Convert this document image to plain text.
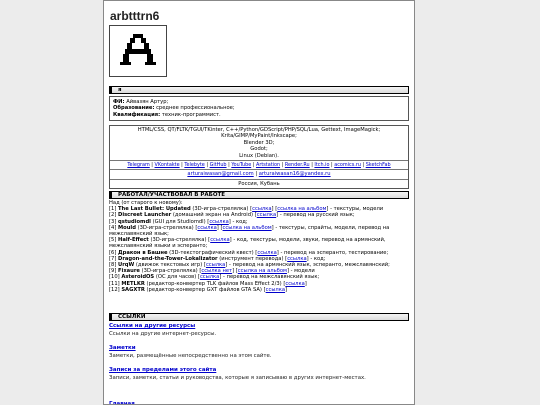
arbtttrn6
я
ФИ: Айвазян Артур;
Образование: среднее профессиональное;
Квалификация: техник-программист.
HTML/CSS, QT/FLTK/TGUI/TKinter, C++/Python/GDScript/PHP/SQL/Lua, Gettext, ImageMagick;
Krita/GIMP/MyPaint/Inkscape;
Blender 3D;
Godot;
Linux (Debian).
Telegram | VKontakte | Telebyte | GitHub | YouTube | Artstation | Render.Ru | Itch.io | acomics.ru | SketchFab
arturaiwasan@gmail.com | arturaiwasan16@yandex.ru
Россия, Кубань
РАБОТАЛ/УЧАСТВОВАЛ В РАБОТЕ
Над (от старого к новому):
[1] The Last Bullet: Updated (3D-игра-стрелялка) [ссылка] [ссылка на альбом] - текстуры, модели
[2] Discreet Launcher (домашний экран на Android) [ссылка] - перевод на русский язык;
[3] qstudiomdl (GUI для Studiomdl) [ссылка] - код;
[4] Mould (3D-игра-стрелялка) [ссылка] [ссылка на альбом] - текстуры, спрайты, модели, перевод на межславянский язык;
[5] Half-Effect (3D-игра-стрелялка) [ссылка] - код, текстуры, модели, звуки, перевод на армянский, межславянский языки и эсперанто;
[6] Дракон в Башне (3D-текстографический квест) [ссылка] - перевод на эсперанто, тестирование;
[7] Dragon-and-the-Tower-Lokalizator (инструмент перевода) [ссылка] - код;
[8] UrqW (движок текстовых игр) [ссылка] - перевод на армянский язык, эсперанто, межславянский;
[9] Fixaure (3D-игра-стрелялка) [ссылка нет] [ссылка на альбом] - модели
[10] AsteroidOS (ОС для часов) [ссылка] - перевод на межславянский язык;
[11] METLKR (редактор-конвертер TLK файлов Mass Effect 2/3) [ссылка]
[12] SAGXTR (редактор-конвертер GXT файлов GTA SA) [ссылка]
ССЫЛКИ
Ссылки на другие ресурсы
Ссылки на другие интернет-ресурсы.
Заметки
Заметки, размещённые непосредственно на этом сайте.
Записи за пределами этого сайта
Записи, заметки, статьи и руководства, которые я записываю в других интернет-местах.
Главная
